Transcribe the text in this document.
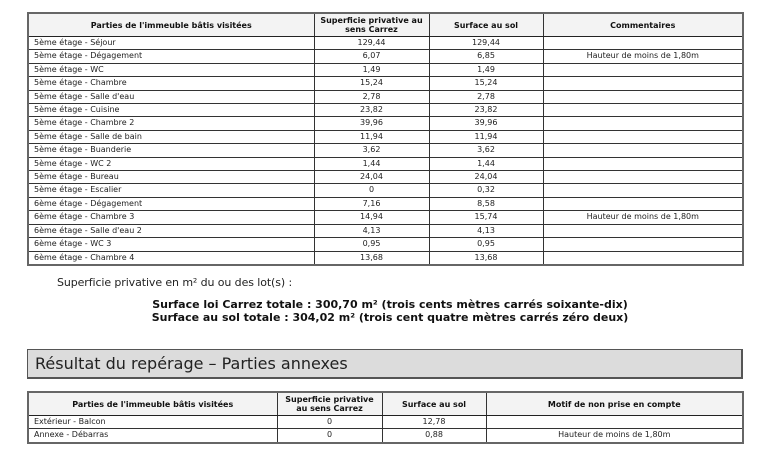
Parties de l'immeuble bâtis visitées	Superficie privative au sens Carrez	Surface au sol	Commentaires
5ème étage - Séjour	129,44	129,44	
5ème étage - Dégagement	6,07	6,85	Hauteur de moins de 1,80m
5ème étage - WC	1,49	1,49	
5ème étage - Chambre	15,24	15,24	
5ème étage - Salle d'eau	2,78	2,78	
5ème étage - Cuisine	23,82	23,82	
5ème étage - Chambre 2	39,96	39,96	
5ème étage - Salle de bain	11,94	11,94	
5ème étage - Buanderie	3,62	3,62	
5ème étage - WC 2	1,44	1,44	
5ème étage - Bureau	24,04	24,04	
5ème étage - Escalier	0	0,32	
6ème étage - Dégagement	7,16	8,58	
6ème étage - Chambre 3	14,94	15,74	Hauteur de moins de 1,80m
6ème étage - Salle d'eau 2	4,13	4,13	
6ème étage - WC 3	0,95	0,95	
6ème étage - Chambre 4	13,68	13,68	
Superficie privative en m² du ou des lot(s) :
Surface loi Carrez totale : 300,70 m² (trois cents mètres carrés soixante-dix)
Surface au sol totale : 304,02 m² (trois cent quatre mètres carrés zéro deux)
Résultat du repérage – Parties annexes
Parties de l'immeuble bâtis visitées	Superficie privative au sens Carrez	Surface au sol	Motif de non prise en compte
Extérieur - Balcon	0	12,78	
Annexe - Débarras	0	0,88	Hauteur de moins de 1,80m
